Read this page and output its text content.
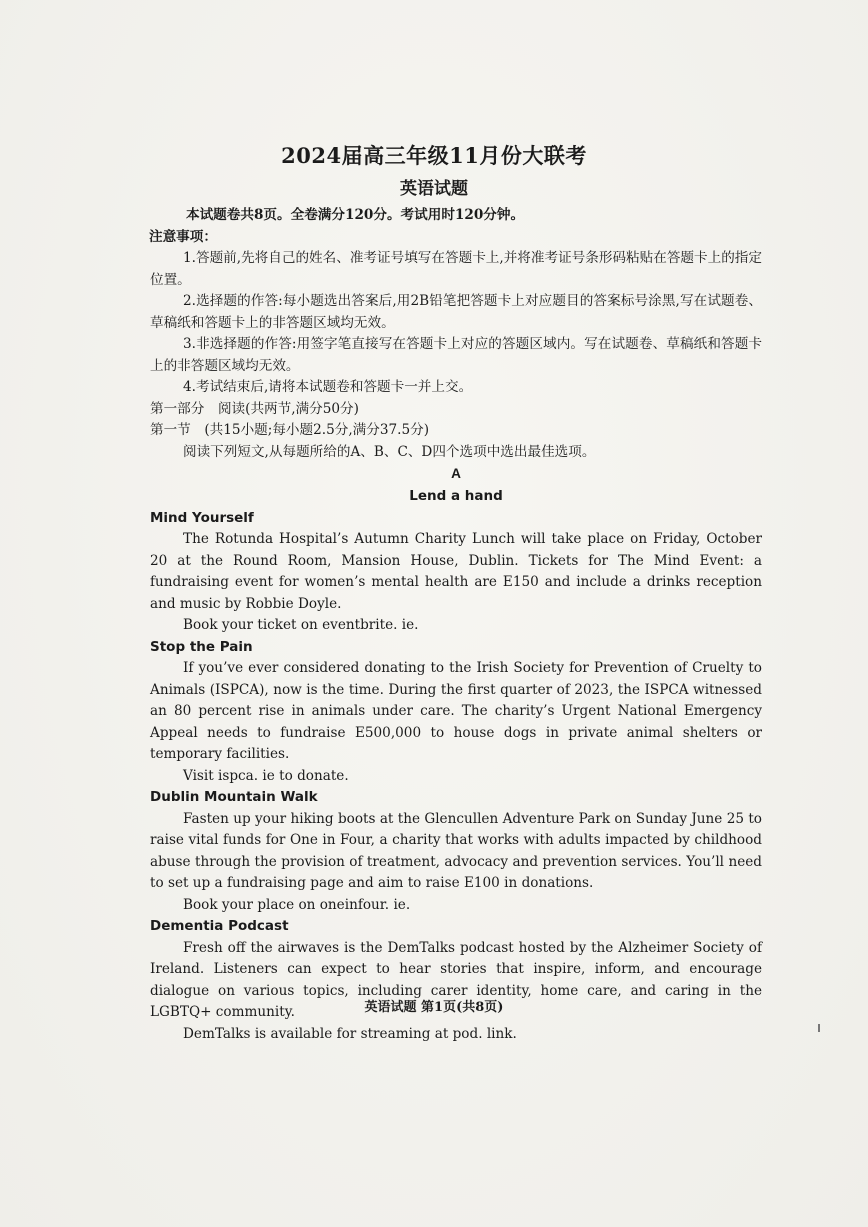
2024届高三年级11月份大联考
英语试题
本试题卷共8页。全卷满分120分。考试用时120分钟。
注意事项：

1.答题前,先将自己的姓名、准考证号填写在答题卡上,并将准考证号条形码粘贴在答题卡上的指定位置。

2.选择题的作答:每小题选出答案后,用2B铅笔把答题卡上对应题目的答案标号涂黑,写在试题卷、草稿纸和答题卡上的非答题区域均无效。

3.非选择题的作答:用签字笔直接写在答题卡上对应的答题区域内。写在试题卷、草稿纸和答题卡上的非答题区域均无效。

4.考试结束后,请将本试题卷和答题卡一并上交。

第一部分　阅读(共两节,满分50分)
第一节　(共15小题;每小题2.5分,满分37.5分)
阅读下列短文,从每题所给的A、B、C、D四个选项中选出最佳选项。
A
Lend a hand
Mind Yourself

The Rotunda Hospital’s Autumn Charity Lunch will take place on Friday, October 20 at the Round Room, Mansion House, Dublin. Tickets for The Mind Event: a fundraising event for women’s mental health are E150 and include a drinks reception and music by Robbie Doyle.

Book your ticket on eventbrite. ie.

Stop the Pain

If you’ve ever considered donating to the Irish Society for Prevention of Cruelty to Animals (ISPCA), now is the time. During the first quarter of 2023, the ISPCA witnessed an 80 percent rise in animals under care. The charity’s Urgent National Emergency Appeal needs to fundraise E500,000 to house dogs in private animal shelters or temporary facilities.

Visit ispca. ie to donate.

Dublin Mountain Walk

Fasten up your hiking boots at the Glencullen Adventure Park on Sunday June 25 to raise vital funds for One in Four, a charity that works with adults impacted by childhood abuse through the provision of treatment, advocacy and prevention services. You’ll need to set up a fundraising page and aim to raise E100 in donations.

Book your place on oneinfour. ie.

Dementia Podcast

Fresh off the airwaves is the DemTalks podcast hosted by the Alzheimer Society of Ireland. Listeners can expect to hear stories that inspire, inform, and encourage dialogue on various topics, including carer identity, home care, and caring in the LGBTQ+ community.

DemTalks is available for streaming at pod. link.

英语试题 第1页(共8页)
